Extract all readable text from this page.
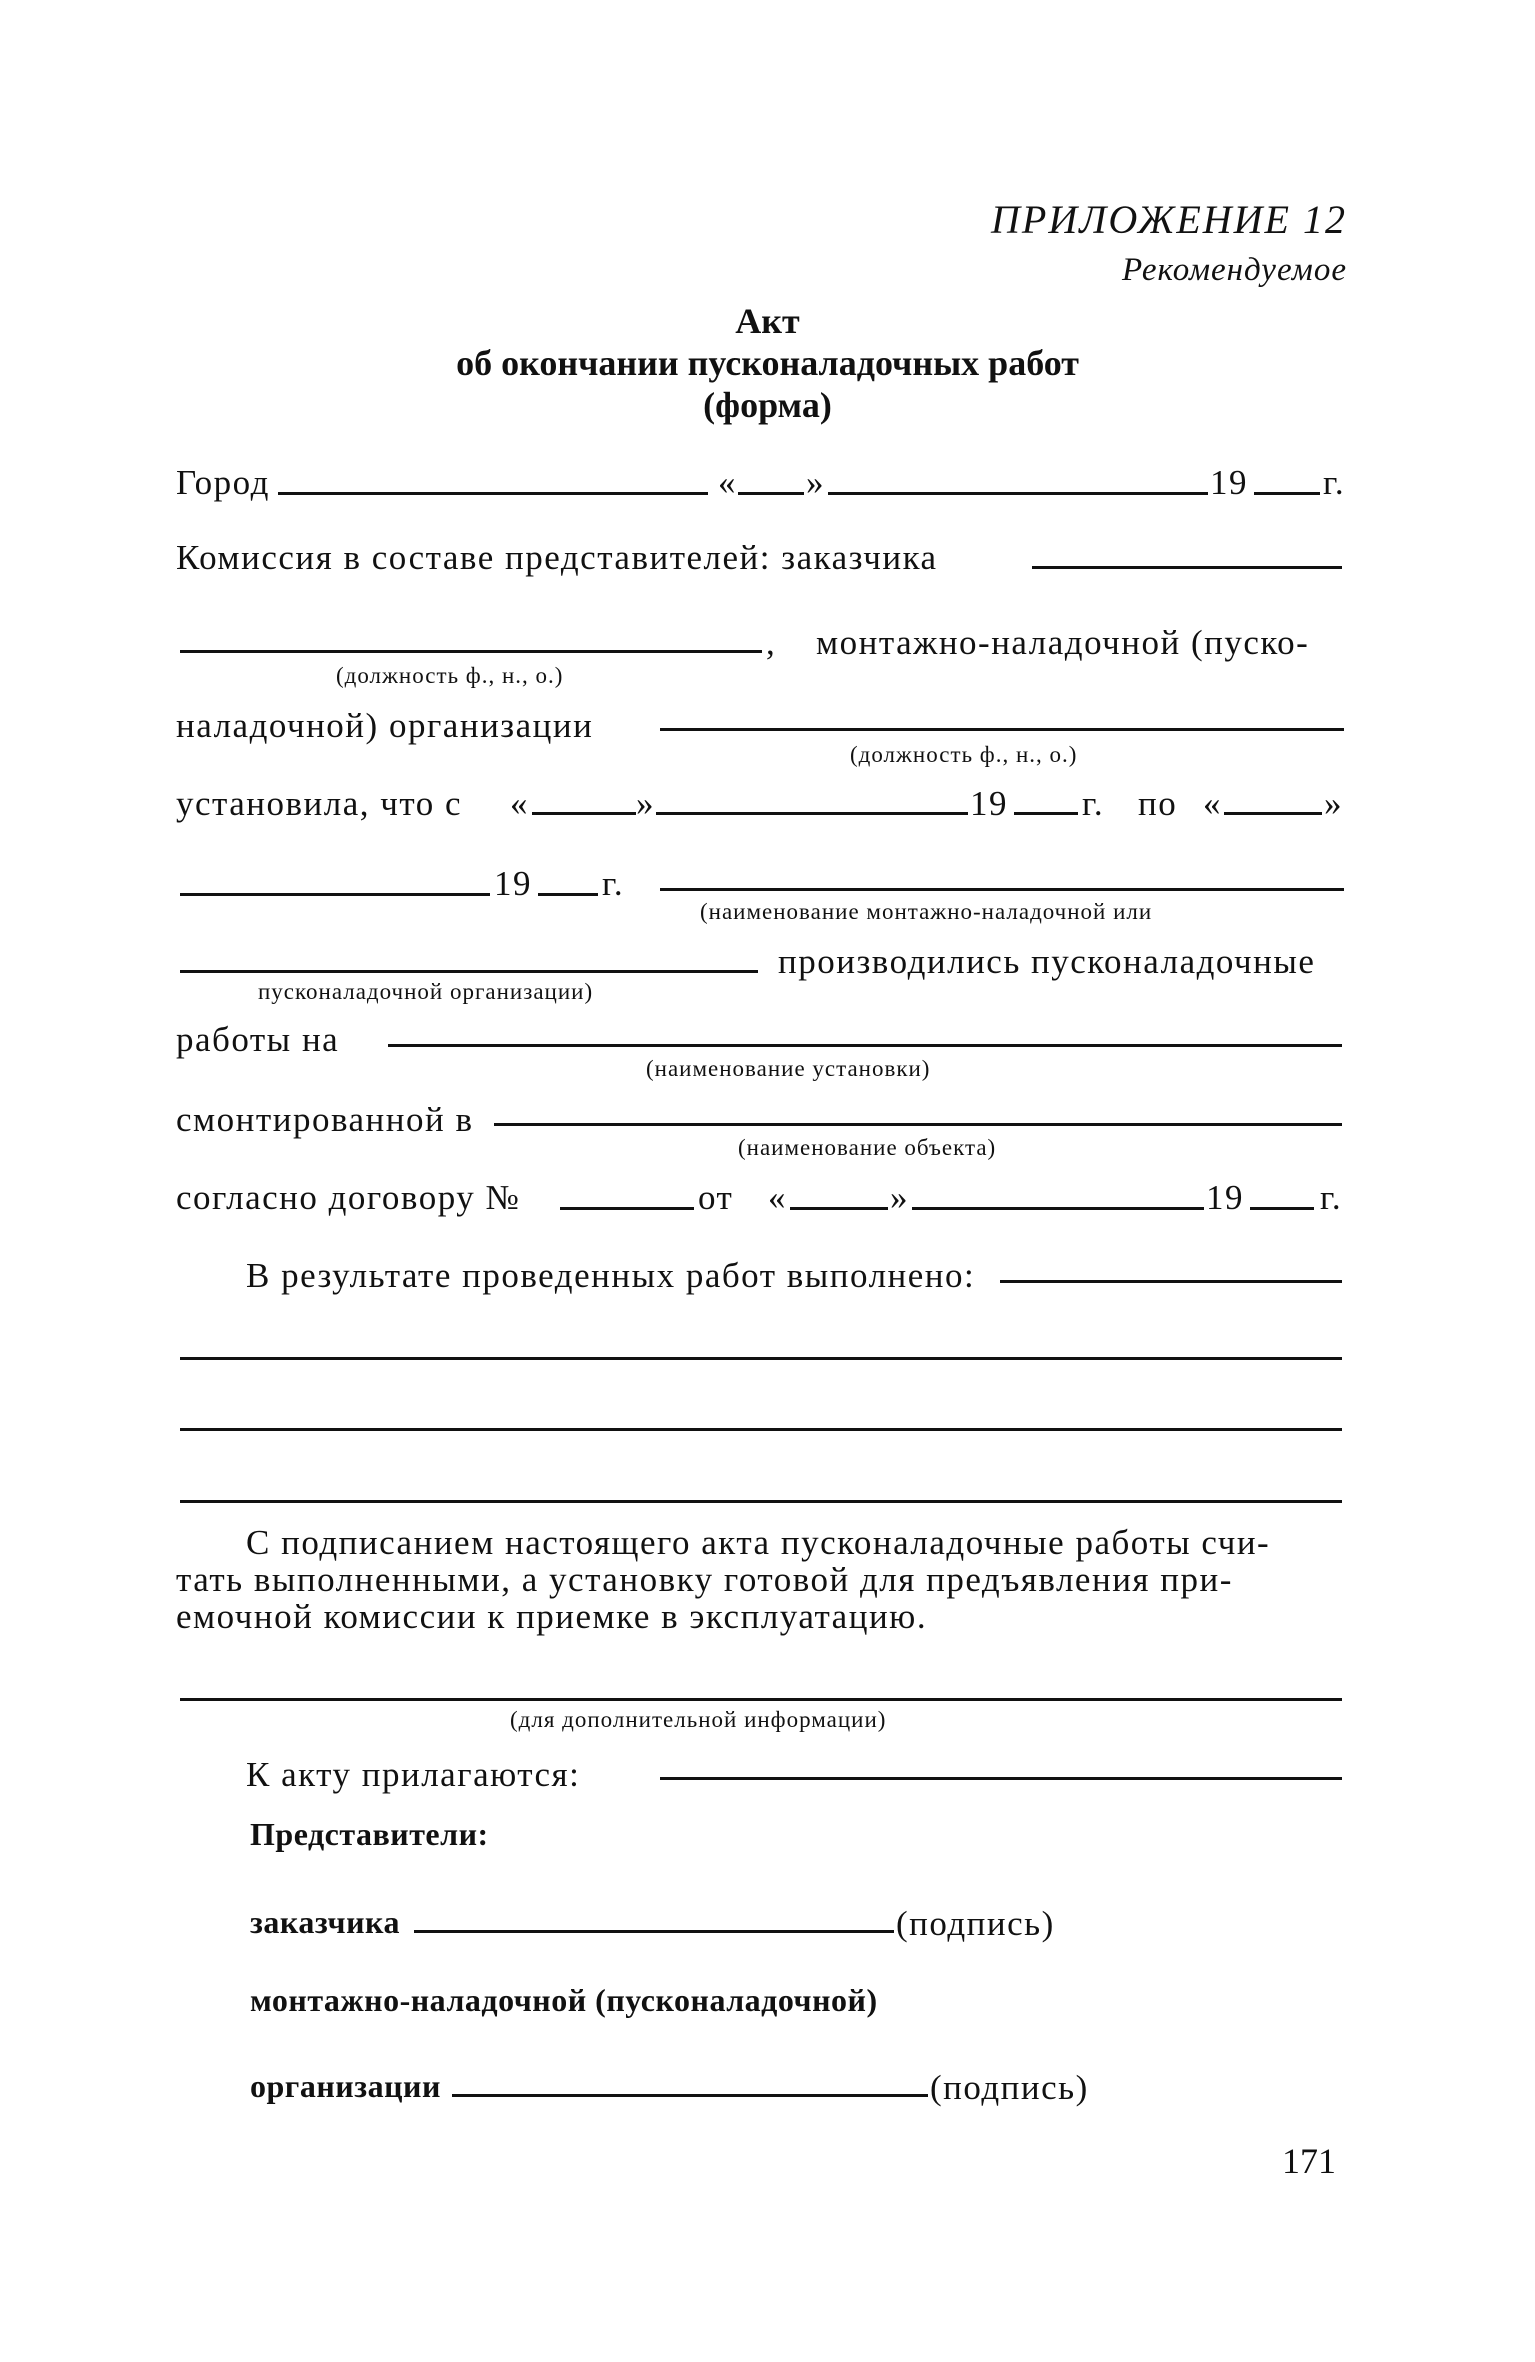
ПРИЛОЖЕНИЕ 12
Рекомендуемое
Акт
об окончании пусконаладочных работ
(форма)
Город	« »	19 г.
Комиссия в составе представителей: заказчика
, монтажно-наладочной (пуско-
(должность ф., н., о.)
наладочной) организации
(должность ф., н., о.)
установила, что с «	»	19 г. по «	»
19 г.
(наименование монтажно-наладочной или
производились пусконаладочные
пусконаладочной организации)
работы на
(наименование установки)
смонтированной в
(наименование объекта)
согласно договору №	от «	»	19 г.
В результате проведенных работ выполнено:
С подписанием настоящего акта пусконаладочные работы счи-
тать выполненными, а установку готовой для предъявления при-
емочной комиссии к приемке в эксплуатацию.
(для дополнительной информации)
К акту прилагаются:
Представители:
заказчика	(подпись)
монтажно-наладочной (пусконаладочной)
организации	(подпись)
171
